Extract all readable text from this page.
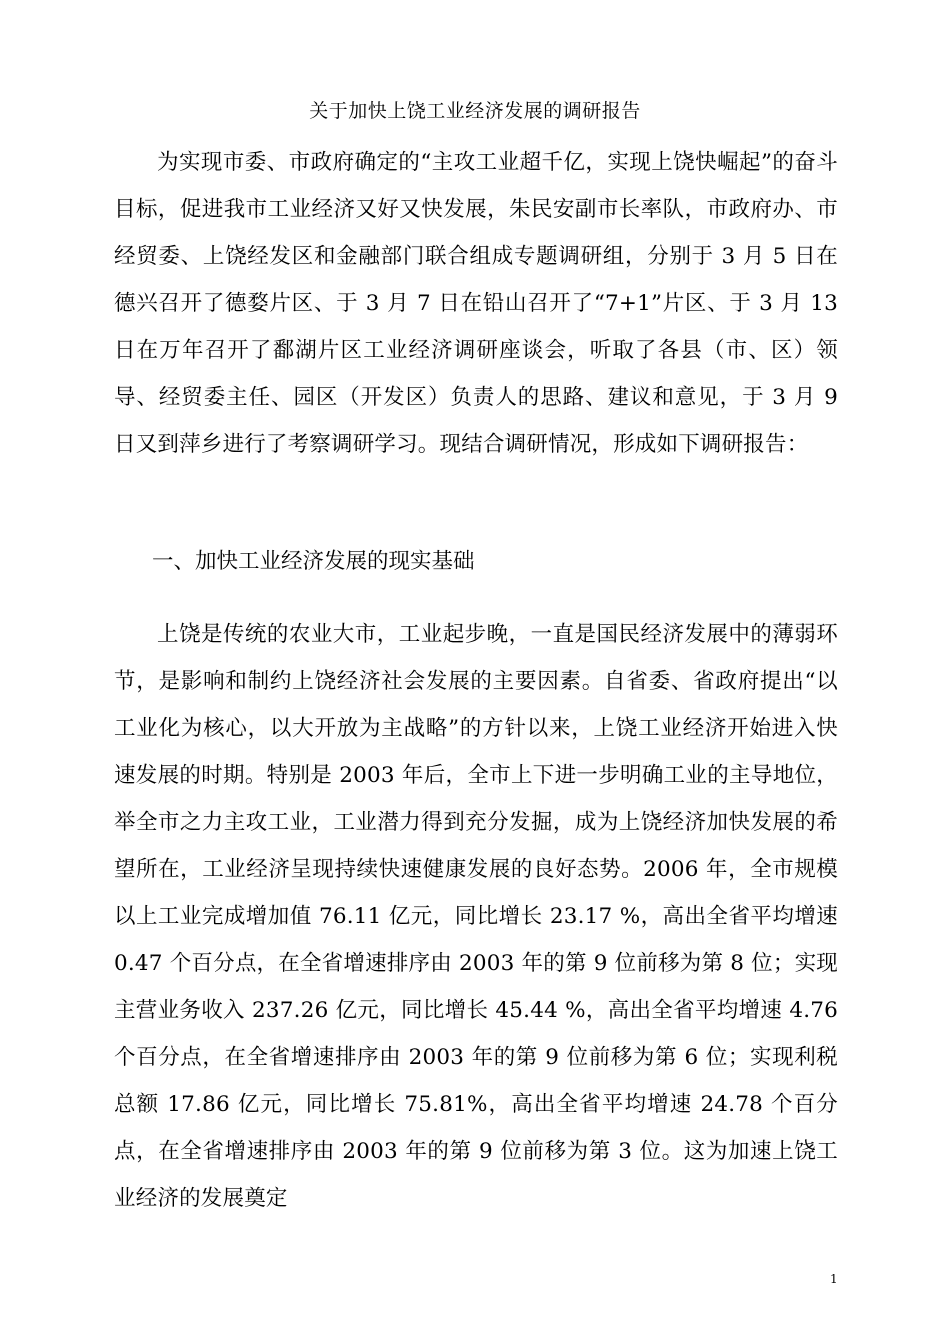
关于加快上饶工业经济发展的调研报告

为实现市委、市政府确定的“主攻工业超千亿，实现上饶快崛起”的奋斗目标，促进我市工业经济又好又快发展，朱民安副市长率队，市政府办、市经贸委、上饶经发区和金融部门联合组成专题调研组，分别于 3 月 5 日在德兴召开了德婺片区、于 3 月 7 日在铅山召开了“7+1”片区、于 3 月 13 日在万年召开了鄱湖片区工业经济调研座谈会，听取了各县（市、区）领导、经贸委主任、园区（开发区）负责人的思路、建议和意见，于 3 月 9 日又到萍乡进行了考察调研学习。现结合调研情况，形成如下调研报告：

一、加快工业经济发展的现实基础

上饶是传统的农业大市，工业起步晚，一直是国民经济发展中的薄弱环节，是影响和制约上饶经济社会发展的主要因素。自省委、省政府提出“以工业化为核心，以大开放为主战略”的方针以来，上饶工业经济开始进入快速发展的时期。特别是 2003 年后，全市上下进一步明确工业的主导地位，举全市之力主攻工业，工业潜力得到充分发掘，成为上饶经济加快发展的希望所在，工业经济呈现持续快速健康发展的良好态势。2006 年，全市规模以上工业完成增加值 76.11 亿元，同比增长 23.17 %，高出全省平均增速 0.47 个百分点，在全省增速排序由 2003 年的第 9 位前移为第 8 位；实现主营业务收入 237.26 亿元，同比增长 45.44 %，高出全省平均增速 4.76 个百分点，在全省增速排序由 2003 年的第 9 位前移为第 6 位；实现利税总额 17.86 亿元，同比增长 75.81%，高出全省平均增速 24.78 个百分点，在全省增速排序由 2003 年的第 9 位前移为第 3 位。这为加速上饶工业经济的发展奠定

1
